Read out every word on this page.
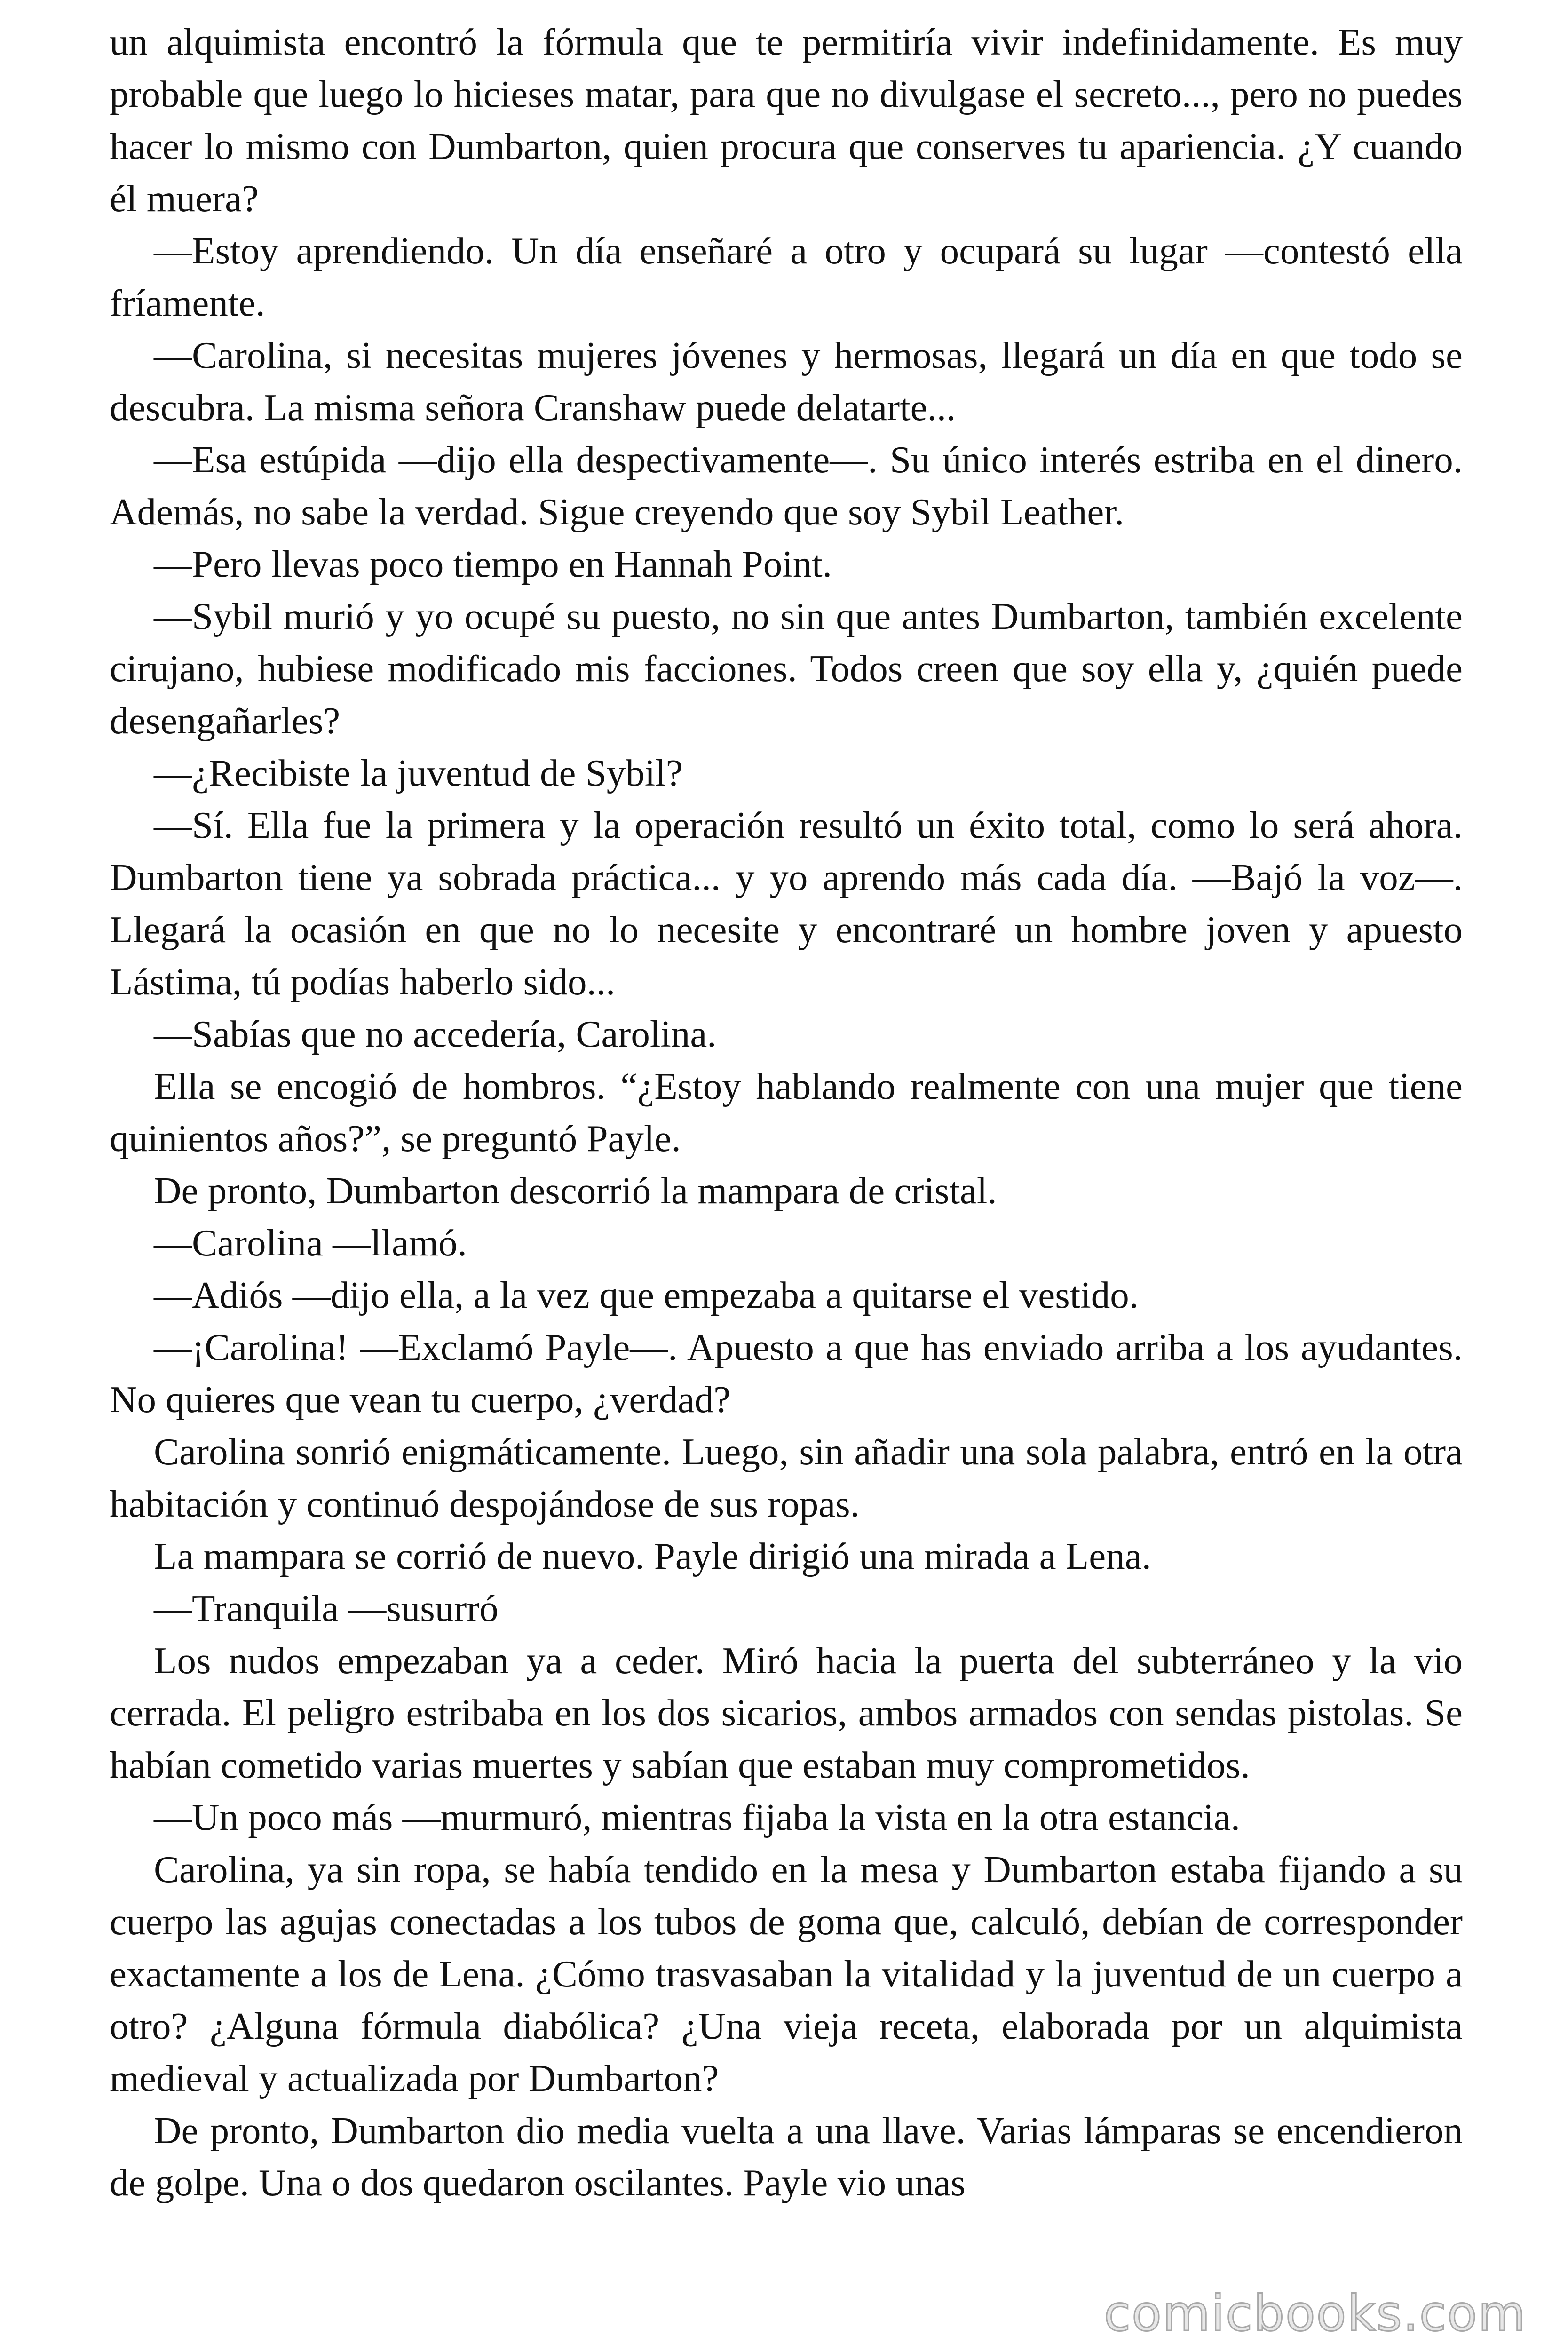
un alquimista encontró la fórmula que te permitiría vivir indefinidamente. Es muy probable que luego lo hicieses matar, para que no divulgase el secreto..., pero no puedes hacer lo mismo con Dumbarton, quien procura que conserves tu apariencia. ¿Y cuando él muera?

—Estoy aprendiendo. Un día enseñaré a otro y ocupará su lugar —contestó ella fríamente.

—Carolina, si necesitas mujeres jóvenes y hermosas, llegará un día en que todo se descubra. La misma señora Cranshaw puede delatarte...

—Esa estúpida —dijo ella despectivamente—. Su único interés estriba en el dinero. Además, no sabe la verdad. Sigue creyendo que soy Sybil Leather.

—Pero llevas poco tiempo en Hannah Point.

—Sybil murió y yo ocupé su puesto, no sin que antes Dumbarton, también excelente cirujano, hubiese modificado mis facciones. Todos creen que soy ella y, ¿quién puede desengañarles?

—¿Recibiste la juventud de Sybil?

—Sí. Ella fue la primera y la operación resultó un éxito total, como lo será ahora. Dumbarton tiene ya sobrada práctica... y yo aprendo más cada día. —Bajó la voz—. Llegará la ocasión en que no lo necesite y encontraré un hombre joven y apuesto Lástima, tú podías haberlo sido...

—Sabías que no accedería, Carolina.

Ella se encogió de hombros. “¿Estoy hablando realmente con una mujer que tiene quinientos años?”, se preguntó Payle.

De pronto, Dumbarton descorrió la mampara de cristal.

—Carolina —llamó.

—Adiós —dijo ella, a la vez que empezaba a quitarse el vestido.

—¡Carolina! —Exclamó Payle—. Apuesto a que has enviado arriba a los ayudantes. No quieres que vean tu cuerpo, ¿verdad?

Carolina sonrió enigmáticamente. Luego, sin añadir una sola palabra, entró en la otra habitación y continuó despojándose de sus ropas.

La mampara se corrió de nuevo. Payle dirigió una mirada a Lena.

—Tranquila —susurró

Los nudos empezaban ya a ceder. Miró hacia la puerta del subterráneo y la vio cerrada. El peligro estribaba en los dos sicarios, ambos armados con sendas pistolas. Se habían cometido varias muertes y sabían que estaban muy comprometidos.

—Un poco más —murmuró, mientras fijaba la vista en la otra estancia.

Carolina, ya sin ropa, se había tendido en la mesa y Dumbarton estaba fijando a su cuerpo las agujas conectadas a los tubos de goma que, calculó, debían de corresponder exactamente a los de Lena. ¿Cómo trasvasaban la vitalidad y la juventud de un cuerpo a otro? ¿Alguna fórmula diabólica? ¿Una vieja receta, elaborada por un alquimista medieval y actualizada por Dumbarton?

De pronto, Dumbarton dio media vuelta a una llave. Varias lámparas se encendieron de golpe. Una o dos quedaron oscilantes. Payle vio unas

comicbooks.com
